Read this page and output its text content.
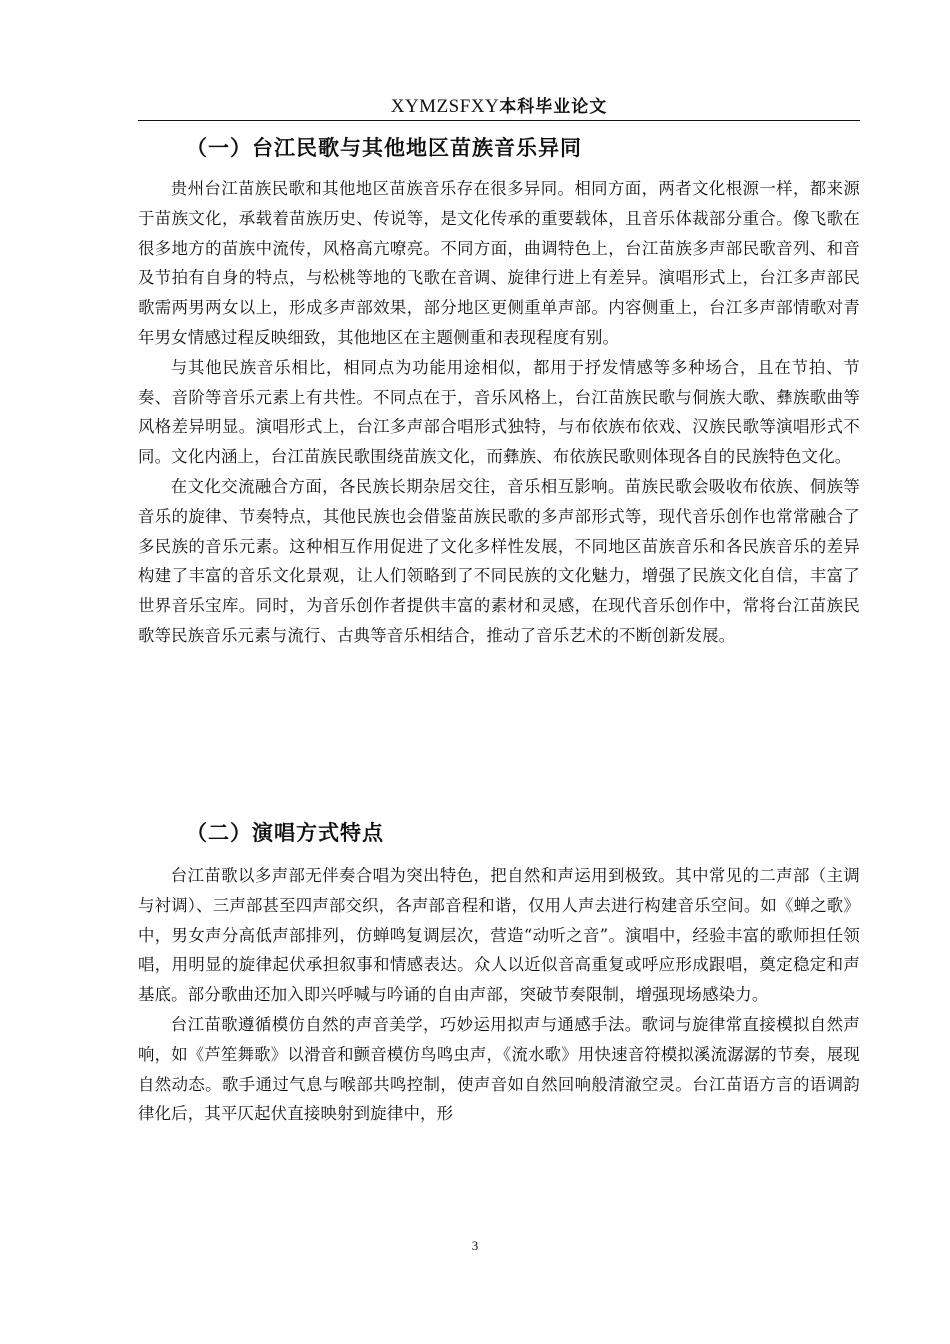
XYMZSFXY本科毕业论文
（一）台江民歌与其他地区苗族音乐异同

贵州台江苗族民歌和其他地区苗族音乐存在很多异同。相同方面，两者文化根源一样，都来源于苗族文化，承载着苗族历史、传说等，是文化传承的重要载体，且音乐体裁部分重合。像飞歌在很多地方的苗族中流传，风格高亢嘹亮。不同方面，曲调特色上，台江苗族多声部民歌音列、和音及节拍有自身的特点，与松桃等地的飞歌在音调、旋律行进上有差异。演唱形式上，台江多声部民歌需两男两女以上，形成多声部效果，部分地区更侧重单声部。内容侧重上，台江多声部情歌对青年男女情感过程反映细致，其他地区在主题侧重和表现程度有别。

与其他民族音乐相比，相同点为功能用途相似，都用于抒发情感等多种场合，且在节拍、节奏、音阶等音乐元素上有共性。不同点在于，音乐风格上，台江苗族民歌与侗族大歌、彝族歌曲等风格差异明显。演唱形式上，台江多声部合唱形式独特，与布依族布依戏、汉族民歌等演唱形式不同。文化内涵上，台江苗族民歌围绕苗族文化，而彝族、布依族民歌则体现各自的民族特色文化。

在文化交流融合方面，各民族长期杂居交往，音乐相互影响。苗族民歌会吸收布依族、侗族等音乐的旋律、节奏特点，其他民族也会借鉴苗族民歌的多声部形式等，现代音乐创作也常常融合了多民族的音乐元素。这种相互作用促进了文化多样性发展，不同地区苗族音乐和各民族音乐的差异构建了丰富的音乐文化景观，让人们领略到了不同民族的文化魅力，增强了民族文化自信，丰富了世界音乐宝库。同时，为音乐创作者提供丰富的素材和灵感，在现代音乐创作中，常将台江苗族民歌等民族音乐元素与流行、古典等音乐相结合，推动了音乐艺术的不断创新发展。

（二）演唱方式特点

台江苗歌以多声部无伴奏合唱为突出特色，把自然和声运用到极致。其中常见的二声部（主调与衬调）、三声部甚至四声部交织，各声部音程和谐，仅用人声去进行构建音乐空间。如《蝉之歌》中，男女声分高低声部排列，仿蝉鸣复调层次，营造“动听之音”。演唱中，经验丰富的歌师担任领唱，用明显的旋律起伏承担叙事和情感表达。众人以近似音高重复或呼应形成跟唱，奠定稳定和声基底。部分歌曲还加入即兴呼喊与吟诵的自由声部，突破节奏限制，增强现场感染力。

台江苗歌遵循模仿自然的声音美学，巧妙运用拟声与通感手法。歌词与旋律常直接模拟自然声响，如《芦笙舞歌》以滑音和颤音模仿鸟鸣虫声，《流水歌》用快速音符模拟溪流潺潺的节奏，展现自然动态。歌手通过气息与喉部共鸣控制，使声音如自然回响般清澈空灵。台江苗语方言的语调韵律化后，其平仄起伏直接映射到旋律中，形

3
